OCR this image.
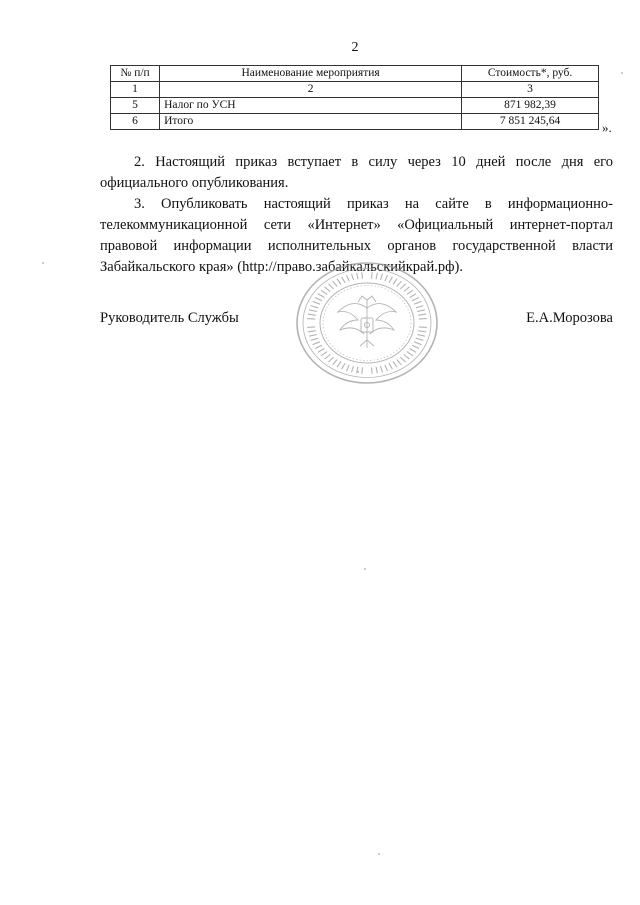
2
№ п/п	Наименование мероприятия	Стоимость*, руб.
1	2	3
5	Налог по УСН	871 982,39
6	Итого	7 851 245,64	».
2. Настоящий приказ вступает в силу через 10 дней после дня его официального опубликования.
3. Опубликовать настоящий приказ на сайте в информационно-телекоммуникационной сети «Интернет» «Официальный интернет-портал правовой информации исполнительных органов государственной власти Забайкальского края» (http://право.забайкальскийкрай.рф).
Руководитель Службы	Е.А.Морозова
